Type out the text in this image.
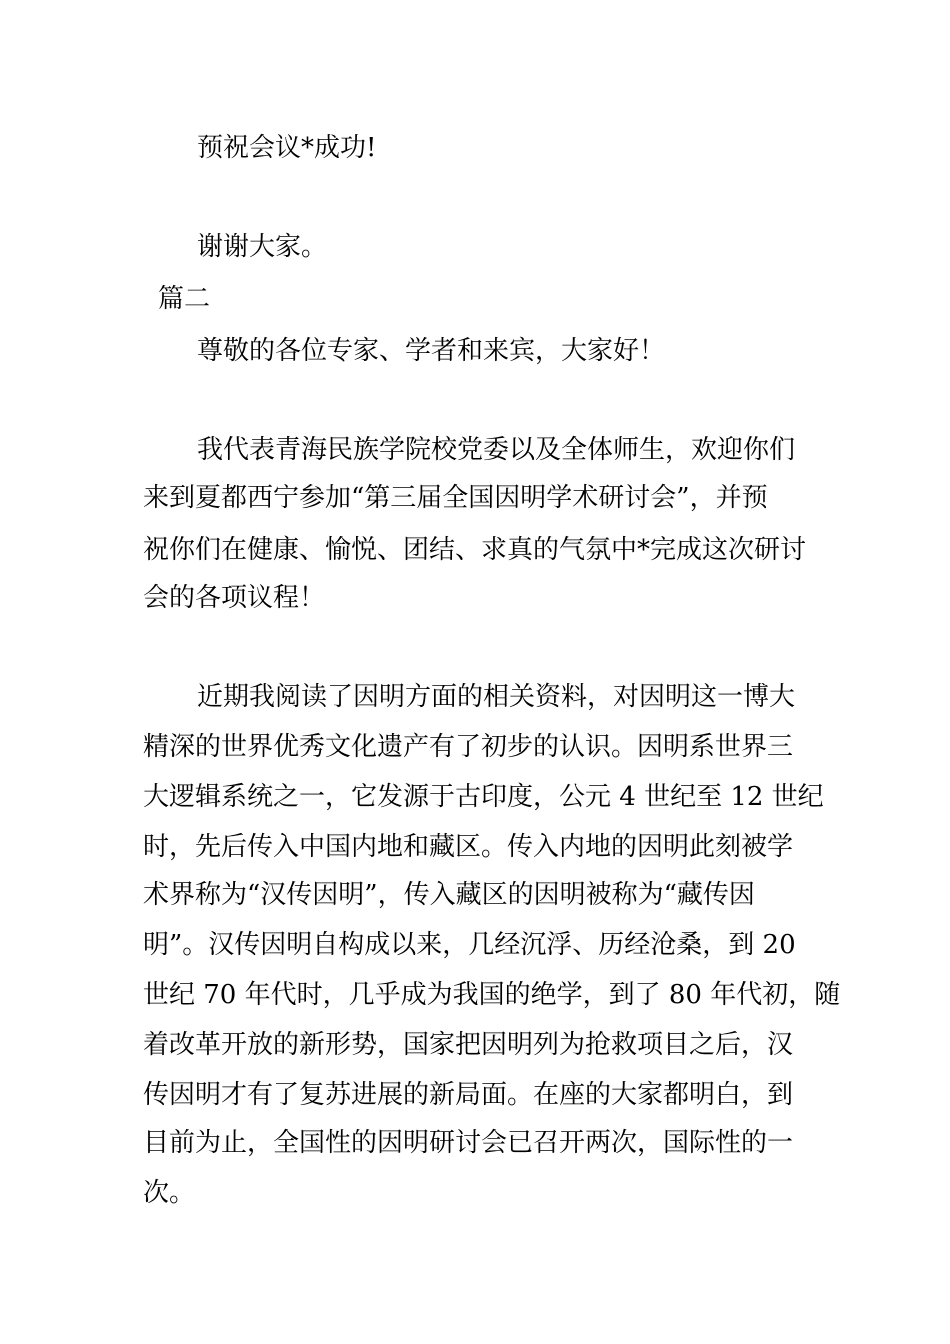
预祝会议*成功!
谢谢大家。
篇二
尊敬的各位专家、学者和来宾，大家好！
我代表青海民族学院校党委以及全体师生，欢迎你们
来到夏都西宁参加“第三届全国因明学术研讨会”，并预
祝你们在健康、愉悦、团结、求真的气氛中*完成这次研讨
会的各项议程！
近期我阅读了因明方面的相关资料，对因明这一博大
精深的世界优秀文化遗产有了初步的认识。因明系世界三
大逻辑系统之一，它发源于古印度，公元 4 世纪至 12 世纪
时，先后传入中国内地和藏区。传入内地的因明此刻被学
术界称为“汉传因明”，传入藏区的因明被称为“藏传因
明”。汉传因明自构成以来，几经沉浮、历经沧桑，到 20
世纪 70 年代时，几乎成为我国的绝学，到了 80 年代初，随
着改革开放的新形势，国家把因明列为抢救项目之后，汉
传因明才有了复苏进展的新局面。在座的大家都明白，到
目前为止，全国性的因明研讨会已召开两次，国际性的一
次。
